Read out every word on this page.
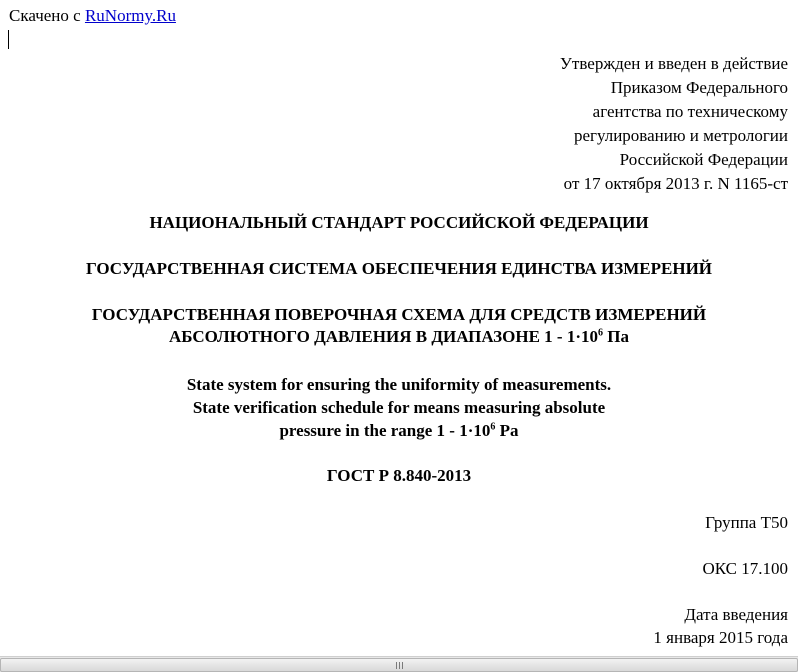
Скачено с RuNormy.Ru
Утвержден и введен в действие
Приказом Федерального
агентства по техническому
регулированию и метрологии
Российской Федерации
от 17 октября 2013 г. N 1165-ст
НАЦИОНАЛЬНЫЙ СТАНДАРТ РОССИЙСКОЙ ФЕДЕРАЦИИ
ГОСУДАРСТВЕННАЯ СИСТЕМА ОБЕСПЕЧЕНИЯ ЕДИНСТВА ИЗМЕРЕНИЙ
ГОСУДАРСТВЕННАЯ ПОВЕРОЧНАЯ СХЕМА ДЛЯ СРЕДСТВ ИЗМЕРЕНИЙ
АБСОЛЮТНОГО ДАВЛЕНИЯ В ДИАПАЗОНЕ $1 - 1\cdot 10^6$ Па
State system for ensuring the uniformity of measurements.
State verification schedule for means measuring absolute
pressure in the range $1 - 1\cdot 10^6$ Pa
ГОСТ Р 8.840-2013
Группа Т50
ОКС 17.100
Дата введения
1 января 2015 года
